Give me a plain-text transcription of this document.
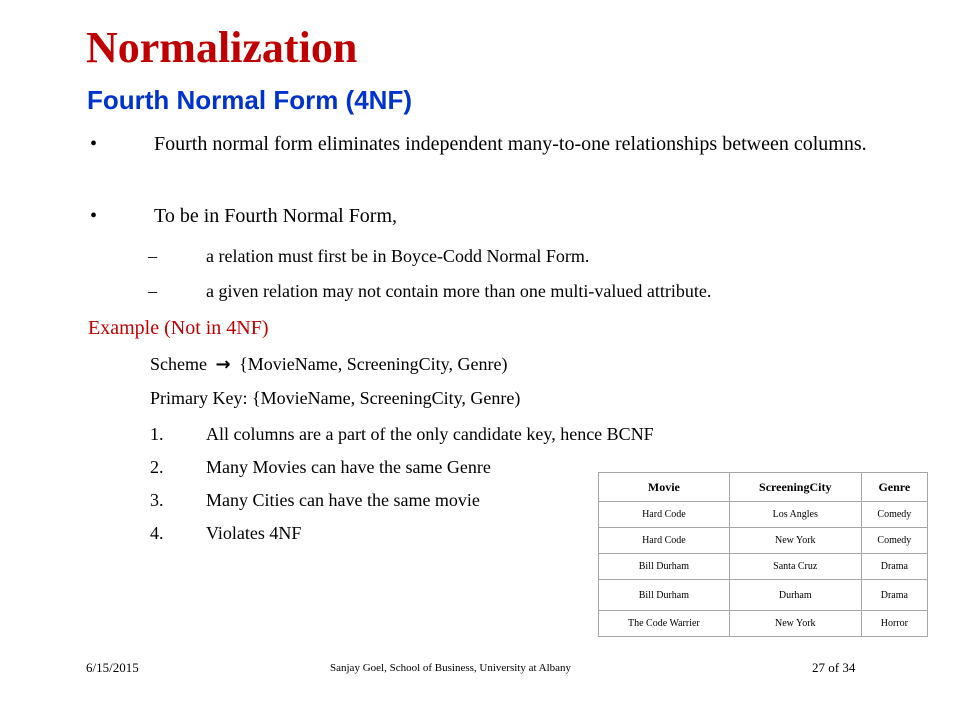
Normalization
Fourth Normal Form (4NF)
•	Fourth normal form eliminates independent many-to-one relationships between columns.
•	To be in Fourth Normal Form,
–	a relation must first be in Boyce-Codd Normal Form.
–	a given relation may not contain more than one multi-valued attribute.
Example (Not in 4NF)
Scheme → {MovieName, ScreeningCity, Genre)
Primary Key: {MovieName, ScreeningCity, Genre)
1. All columns are a part of the only candidate key, hence BCNF
2. Many Movies can have the same Genre
3. Many Cities can have the same movie
4. Violates 4NF
Movie	ScreeningCity	Genre
Hard Code	Los Angles	Comedy
Hard Code	New York	Comedy
Bill Durham	Santa Cruz	Drama
Bill Durham	Durham	Drama
The Code Warrier	New York	Horror
6/15/2015	Sanjay Goel, School of Business, University at Albany	27 of 34
